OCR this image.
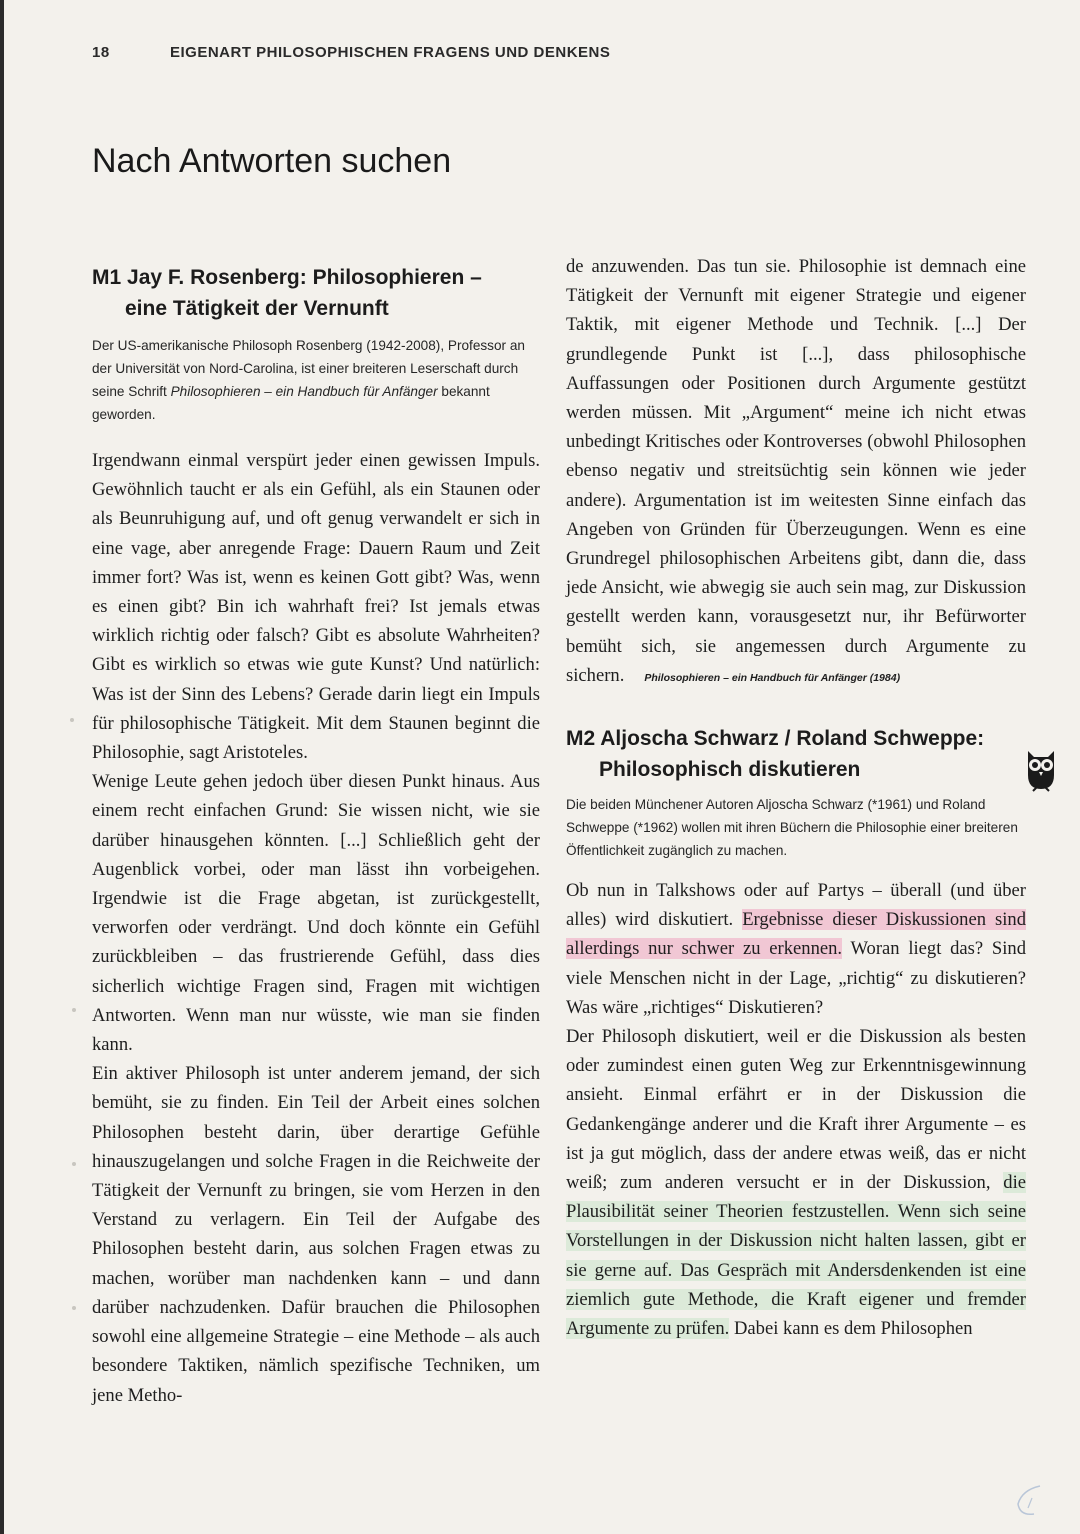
18	EIGENART PHILOSOPHISCHEN FRAGENS UND DENKENS
Nach Antworten suchen
M1 Jay F. Rosenberg: Philosophieren –
eine Tätigkeit der Vernunft

Der US-amerikanische Philosoph Rosenberg (1942-2008), Professor an der Universität von Nord-Carolina, ist einer breiteren Leserschaft durch seine Schrift Philosophieren – ein Handbuch für Anfänger bekannt geworden.

Irgendwann einmal verspürt jeder einen gewissen Impuls. Gewöhnlich taucht er als ein Gefühl, als ein Staunen oder als Beunruhigung auf, und oft genug verwandelt er sich in eine vage, aber anregende Frage: Dauern Raum und Zeit immer fort? Was ist, wenn es keinen Gott gibt? Was, wenn es einen gibt? Bin ich wahrhaft frei? Ist jemals etwas wirklich richtig oder falsch? Gibt es absolute Wahrheiten? Gibt es wirklich so etwas wie gute Kunst? Und natürlich: Was ist der Sinn des Lebens? Gerade darin liegt ein Impuls für philosophische Tätigkeit. Mit dem Staunen beginnt die Philosophie, sagt Aristoteles.
Wenige Leute gehen jedoch über diesen Punkt hinaus. Aus einem recht einfachen Grund: Sie wissen nicht, wie sie darüber hinausgehen könnten. [...] Schließlich geht der Augenblick vorbei, oder man lässt ihn vorbeigehen. Irgendwie ist die Frage abgetan, ist zurückgestellt, verworfen oder verdrängt. Und doch könnte ein Gefühl zurückbleiben – das frustrierende Gefühl, dass dies sicherlich wichtige Fragen sind, Fragen mit wichtigen Antworten. Wenn man nur wüsste, wie man sie finden kann.
Ein aktiver Philosoph ist unter anderem jemand, der sich bemüht, sie zu finden. Ein Teil der Arbeit eines solchen Philosophen besteht darin, über derartige Gefühle hinauszugelangen und solche Fragen in die Reichweite der Tätigkeit der Vernunft zu bringen, sie vom Herzen in den Verstand zu verlagern. Ein Teil der Aufgabe des Philosophen besteht darin, aus solchen Fragen etwas zu machen, worüber man nachdenken kann – und dann darüber nachzudenken. Dafür brauchen die Philosophen sowohl eine allgemeine Strategie – eine Methode – als auch besondere Taktiken, nämlich spezifische Techniken, um jene Metho-

de anzuwenden. Das tun sie. Philosophie ist demnach eine Tätigkeit der Vernunft mit eigener Strategie und eigener Taktik, mit eigener Methode und Technik. [...] Der grundlegende Punkt ist [...], dass philosophische Auffassungen oder Positionen durch Argumente gestützt werden müssen. Mit „Argument“ meine ich nicht etwas unbedingt Kritisches oder Kontroverses (obwohl Philosophen ebenso negativ und streitsüchtig sein können wie jeder andere). Argumentation ist im weitesten Sinne einfach das Angeben von Gründen für Überzeugungen. Wenn es eine Grundregel philosophischen Arbeitens gibt, dann die, dass jede Ansicht, wie abwegig sie auch sein mag, zur Diskussion gestellt werden kann, vorausgesetzt nur, ihr Befürworter bemüht sich, sie angemessen durch Argumente zu sichern. Philosophieren – ein Handbuch für Anfänger (1984)

M2 Aljoscha Schwarz / Roland Schweppe:
Philosophisch diskutieren

Die beiden Münchener Autoren Aljoscha Schwarz (*1961) und Roland Schweppe (*1962) wollen mit ihren Büchern die Philosophie einer breiteren Öffentlichkeit zugänglich zu machen.

Ob nun in Talkshows oder auf Partys – überall (und über alles) wird diskutiert. Ergebnisse dieser Diskussionen sind allerdings nur schwer zu erkennen. Woran liegt das? Sind viele Menschen nicht in der Lage, „richtig“ zu diskutieren? Was wäre „richtiges“ Diskutieren?
Der Philosoph diskutiert, weil er die Diskussion als besten oder zumindest einen guten Weg zur Erkenntnisgewinnung ansieht. Einmal erfährt er in der Diskussion die Gedankengänge anderer und die Kraft ihrer Argumente – es ist ja gut möglich, dass der andere etwas weiß, das er nicht weiß; zum anderen versucht er in der Diskussion, die Plausibilität seiner Theorien festzustellen. Wenn sich seine Vorstellungen in der Diskussion nicht halten lassen, gibt er sie gerne auf. Das Gespräch mit Andersdenkenden ist eine ziemlich gute Methode, die Kraft eigener und fremder Argumente zu prüfen. Dabei kann es dem Philosophen
